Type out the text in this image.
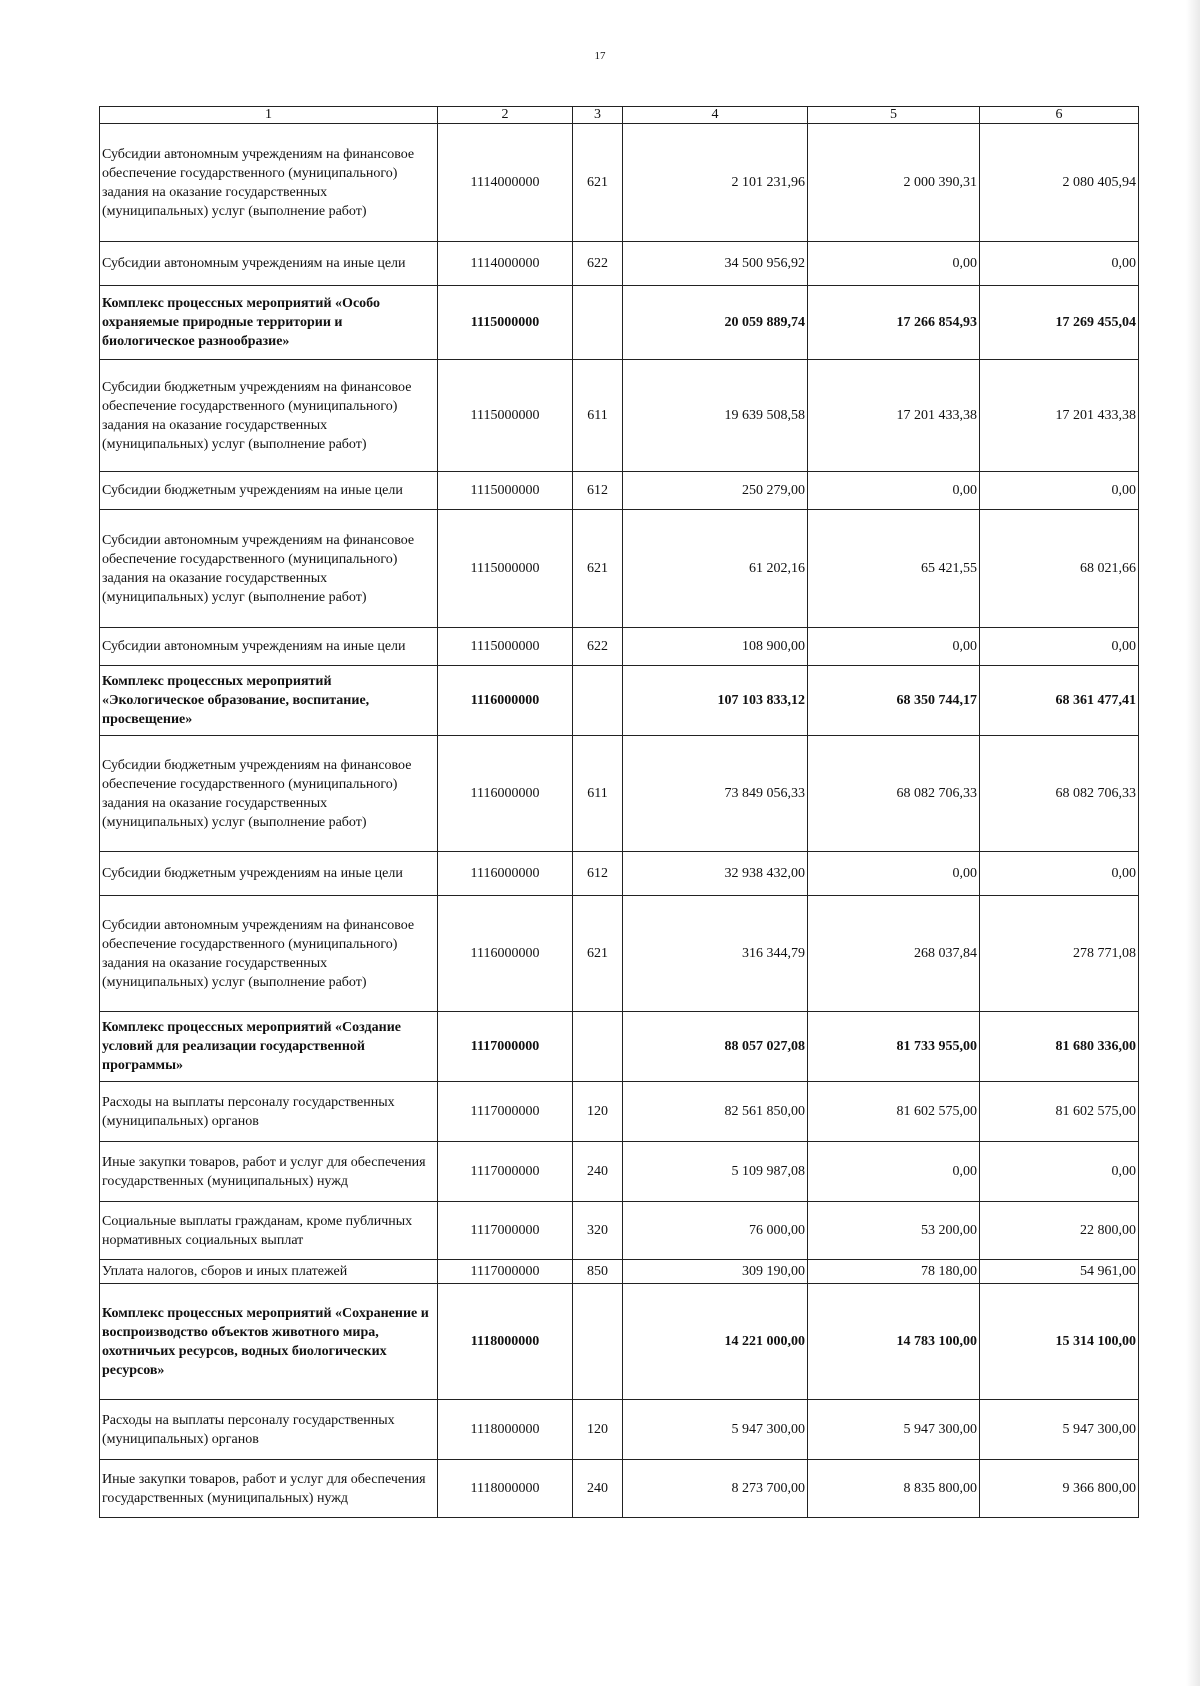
17
1	2	3	4	5	6
Субсидии автономным учреждениям на финансовое обеспечение государственного (муниципального) задания на оказание государственных (муниципальных) услуг (выполнение работ)	1114000000	621	2 101 231,96	2 000 390,31	2 080 405,94
Субсидии автономным учреждениям на иные цели	1114000000	622	34 500 956,92	0,00	0,00
Комплекс процессных мероприятий «Особо охраняемые природные территории и биологическое разнообразие»	1115000000		20 059 889,74	17 266 854,93	17 269 455,04
Субсидии бюджетным учреждениям на финансовое обеспечение государственного (муниципального) задания на оказание государственных (муниципальных) услуг (выполнение работ)	1115000000	611	19 639 508,58	17 201 433,38	17 201 433,38
Субсидии бюджетным учреждениям на иные цели	1115000000	612	250 279,00	0,00	0,00
Субсидии автономным учреждениям на финансовое обеспечение государственного (муниципального) задания на оказание государственных (муниципальных) услуг (выполнение работ)	1115000000	621	61 202,16	65 421,55	68 021,66
Субсидии автономным учреждениям на иные цели	1115000000	622	108 900,00	0,00	0,00
Комплекс процессных мероприятий «Экологическое образование, воспитание, просвещение»	1116000000		107 103 833,12	68 350 744,17	68 361 477,41
Субсидии бюджетным учреждениям на финансовое обеспечение государственного (муниципального) задания на оказание государственных (муниципальных) услуг (выполнение работ)	1116000000	611	73 849 056,33	68 082 706,33	68 082 706,33
Субсидии бюджетным учреждениям на иные цели	1116000000	612	32 938 432,00	0,00	0,00
Субсидии автономным учреждениям на финансовое обеспечение государственного (муниципального) задания на оказание государственных (муниципальных) услуг (выполнение работ)	1116000000	621	316 344,79	268 037,84	278 771,08
Комплекс процессных мероприятий «Создание условий для реализации государственной программы»	1117000000		88 057 027,08	81 733 955,00	81 680 336,00
Расходы на выплаты персоналу государственных (муниципальных) органов	1117000000	120	82 561 850,00	81 602 575,00	81 602 575,00
Иные закупки товаров, работ и услуг для обеспечения государственных (муниципальных) нужд	1117000000	240	5 109 987,08	0,00	0,00
Социальные выплаты гражданам, кроме публичных нормативных социальных выплат	1117000000	320	76 000,00	53 200,00	22 800,00
Уплата налогов, сборов и иных платежей	1117000000	850	309 190,00	78 180,00	54 961,00
Комплекс процессных мероприятий «Сохранение и воспроизводство объектов животного мира, охотничьих ресурсов, водных биологических ресурсов»	1118000000		14 221 000,00	14 783 100,00	15 314 100,00
Расходы на выплаты персоналу государственных (муниципальных) органов	1118000000	120	5 947 300,00	5 947 300,00	5 947 300,00
Иные закупки товаров, работ и услуг для обеспечения государственных (муниципальных) нужд	1118000000	240	8 273 700,00	8 835 800,00	9 366 800,00
